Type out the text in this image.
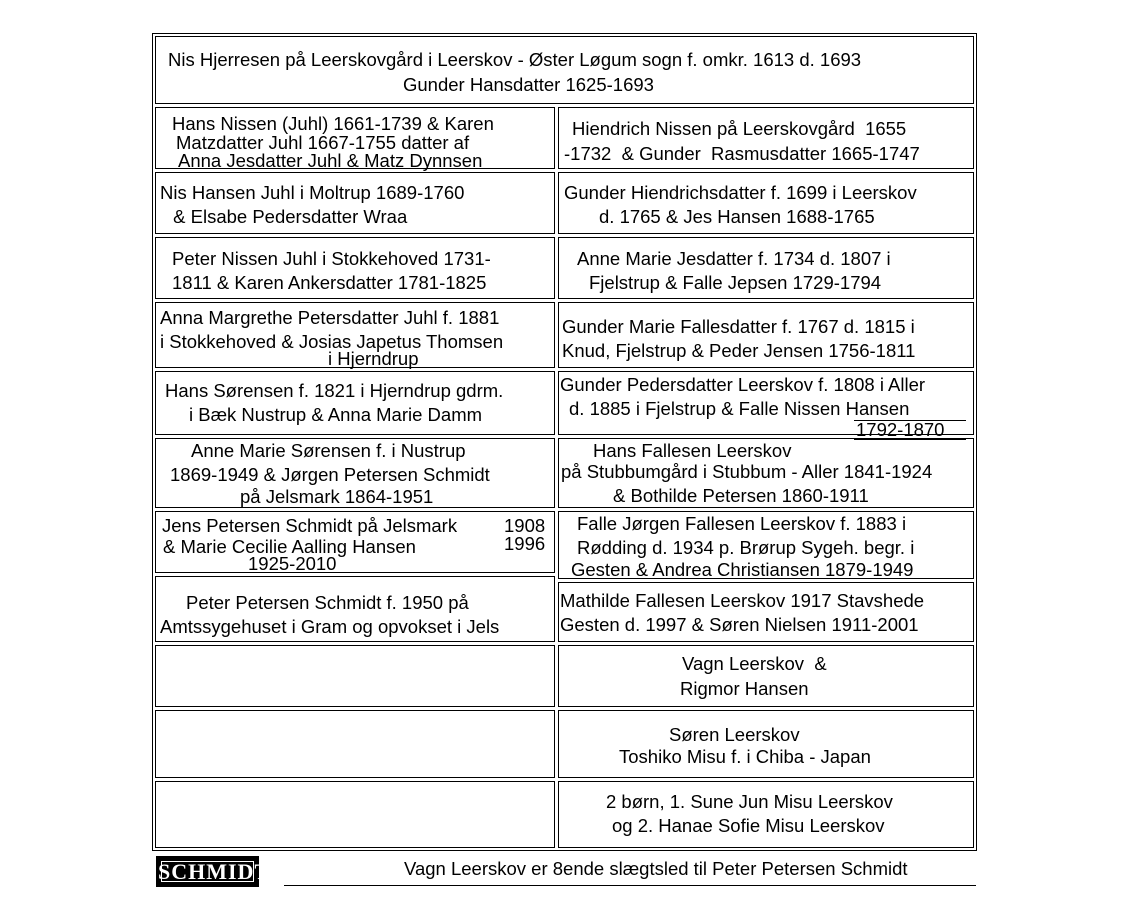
Nis Hjerresen på Leerskovgård i Leerskov - Øster Løgum sogn f. omkr. 1613 d. 1693

Gunder Hansdatter 1625-1693

Hans Nissen (Juhl) 1661-1739 & Karen

Matzdatter Juhl 1667-1755 datter af

Anna Jesdatter Juhl & Matz Dynnsen

Hiendrich Nissen på Leerskovgård  1655

-1732  & Gunder  Rasmusdatter 1665-1747

Nis Hansen Juhl i Moltrup 1689-1760

& Elsabe Pedersdatter Wraa

Gunder Hiendrichsdatter f. 1699 i Leerskov

d. 1765 & Jes Hansen 1688-1765

Peter Nissen Juhl i Stokkehoved 1731-

1811 & Karen Ankersdatter 1781-1825

Anne Marie Jesdatter f. 1734 d. 1807 i

Fjelstrup & Falle Jepsen 1729-1794

Anna Margrethe Petersdatter Juhl f. 1881

i Stokkehoved & Josias Japetus Thomsen

i Hjerndrup

Gunder Marie Fallesdatter f. 1767 d. 1815 i

Knud, Fjelstrup & Peder Jensen 1756-1811

Hans Sørensen f. 1821 i Hjerndrup gdrm.

i Bæk Nustrup & Anna Marie Damm

Gunder Pedersdatter Leerskov f. 1808 i Aller

d. 1885 i Fjelstrup & Falle Nissen Hansen

1792-1870

Anne Marie Sørensen f. i Nustrup

1869-1949 & Jørgen Petersen Schmidt

på Jelsmark 1864-1951

Hans Fallesen Leerskov

på Stubbumgård i Stubbum - Aller 1841-1924

& Bothilde Petersen 1860-1911

Jens Petersen Schmidt på Jelsmark

& Marie Cecilie Aalling Hansen

1925-2010

1908

1996

Falle Jørgen Fallesen Leerskov f. 1883 i

Rødding d. 1934 p. Brørup Sygeh. begr. i

Gesten & Andrea Christiansen 1879-1949

Peter Petersen Schmidt f. 1950 på

Amtssygehuset i Gram og opvokset i Jels

Mathilde Fallesen Leerskov 1917 Stavshede

Gesten d. 1997 & Søren Nielsen 1911-2001

Vagn Leerskov  &

Rigmor Hansen

Søren Leerskov

Toshiko Misu f. i Chiba - Japan

2 børn, 1. Sune Jun Misu Leerskov

og 2. Hanae Sofie Misu Leerskov

SCHMIDT	Vagn Leerskov er 8ende slægtsled til Peter Petersen Schmidt
